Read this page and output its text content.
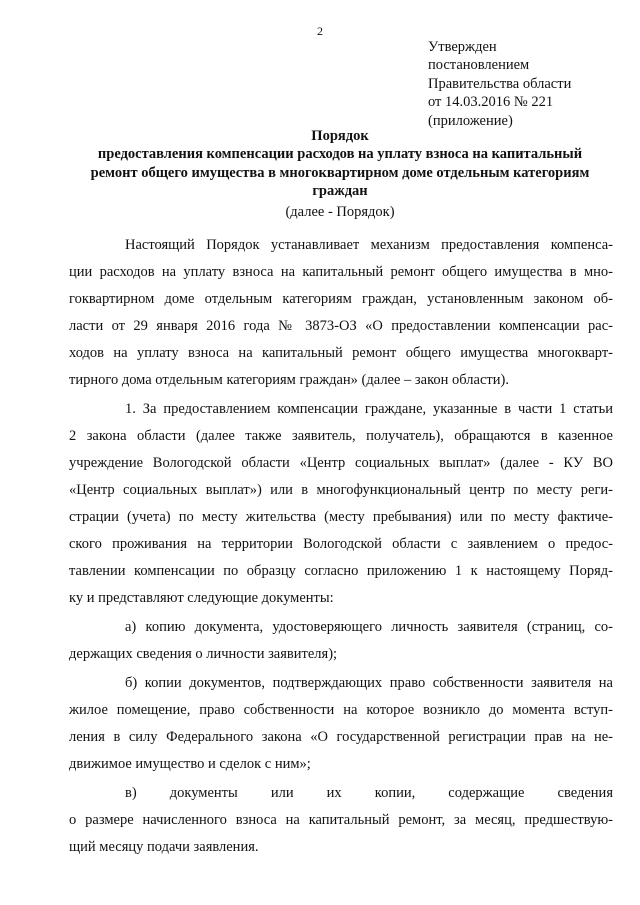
2
Утвержден
постановлением
Правительства области
от 14.03.2016 № 221
(приложение)
Порядок
предоставления компенсации расходов на уплату взноса на капитальный
ремонт общего имущества в многоквартирном доме отдельным категориям
граждан
(далее - Порядок)
Настоящий Порядок устанавливает механизм предоставления компенса-
ции расходов на уплату взноса на капитальный ремонт общего имущества в мно-
гоквартирном доме отдельным категориям граждан, установленным законом об-
ласти от 29 января 2016 года № 3873-ОЗ «О предоставлении компенсации рас-
ходов на уплату взноса на капитальный ремонт общего имущества многокварт-
тирного дома отдельным категориям граждан» (далее – закон области).
1. За предоставлением компенсации граждане, указанные в части 1 статьи
2 закона области (далее также заявитель, получатель), обращаются в казенное
учреждение Вологодской области «Центр социальных выплат» (далее - КУ ВО
«Центр социальных выплат») или в многофункциональный центр по месту реги-
страции (учета) по месту жительства (месту пребывания) или по месту фактиче-
ского проживания на территории Вологодской области с заявлением о предос-
тавлении компенсации по образцу согласно приложению 1 к настоящему Поряд-
ку и представляют следующие документы:
а) копию документа, удостоверяющего личность заявителя (страниц, со-
держащих сведения о личности заявителя);
б) копии документов, подтверждающих право собственности заявителя на
жилое помещение, право собственности на которое возникло до момента вступ-
ления в силу Федерального закона «О государственной регистрации прав на не-
движимое имущество и сделок с ним»;
в) документы или их копии, содержащие сведения
о размере начисленного взноса на капитальный ремонт, за месяц, предшествую-
щий месяцу подачи заявления.
